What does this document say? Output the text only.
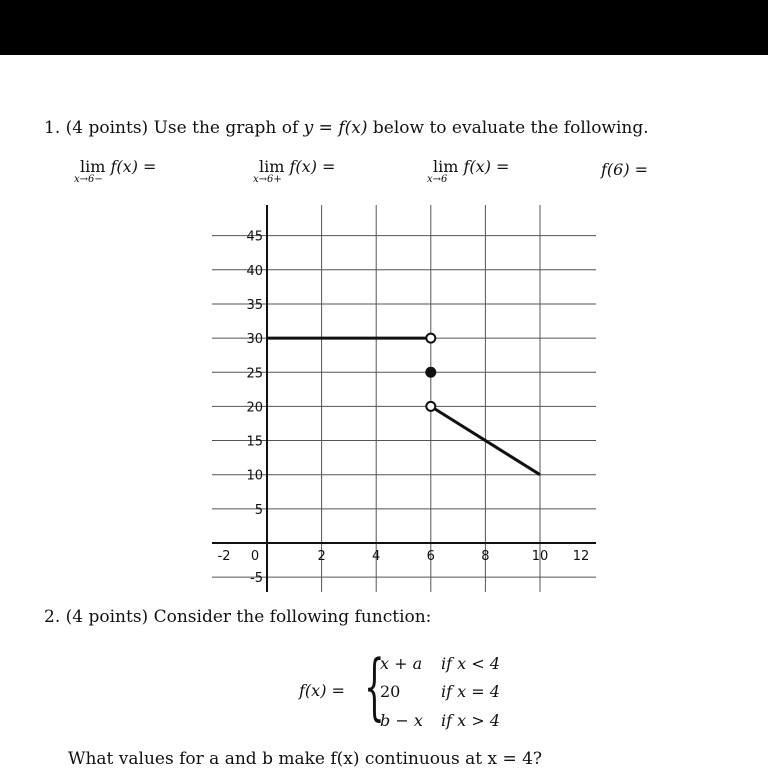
1. (4 points) Use the graph of y = f(x) below to evaluate the following.
lim
x→6−
f(x) =	lim
x→6+
f(x) =	lim
x→6
f(x) =	f(6) =
-2 0	2	4	6	8	10 12
45
40
35
30
25
20
15
10
5
-5
2. (4 points) Consider the following function:
f(x) = {
x + a if x < 4
20	if x = 4
b − x if x > 4
What values for a and b make f(x) continuous at x = 4?
